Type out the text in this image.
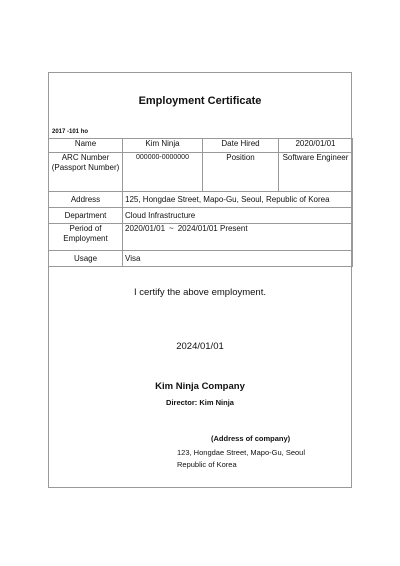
Employment Certificate
2017 -101 ho
Name	Kim Ninja	Date Hired	2020/01/01
ARC Number (Passport Number)	000000-0000000	Position	Software Engineer
Address	125, Hongdae Street, Mapo-Gu, Seoul, Republic of Korea		
Department	Cloud Infrastructure		
Period of Employment	2020/01/01 ~ 2024/01/01 Present		
Usage	Visa		
I certify the above employment.
2024/01/01
Kim Ninja Company
Director: Kim Ninja
(Address of company)
123, Hongdae Street, Mapo-Gu, Seoul
Republic of Korea
